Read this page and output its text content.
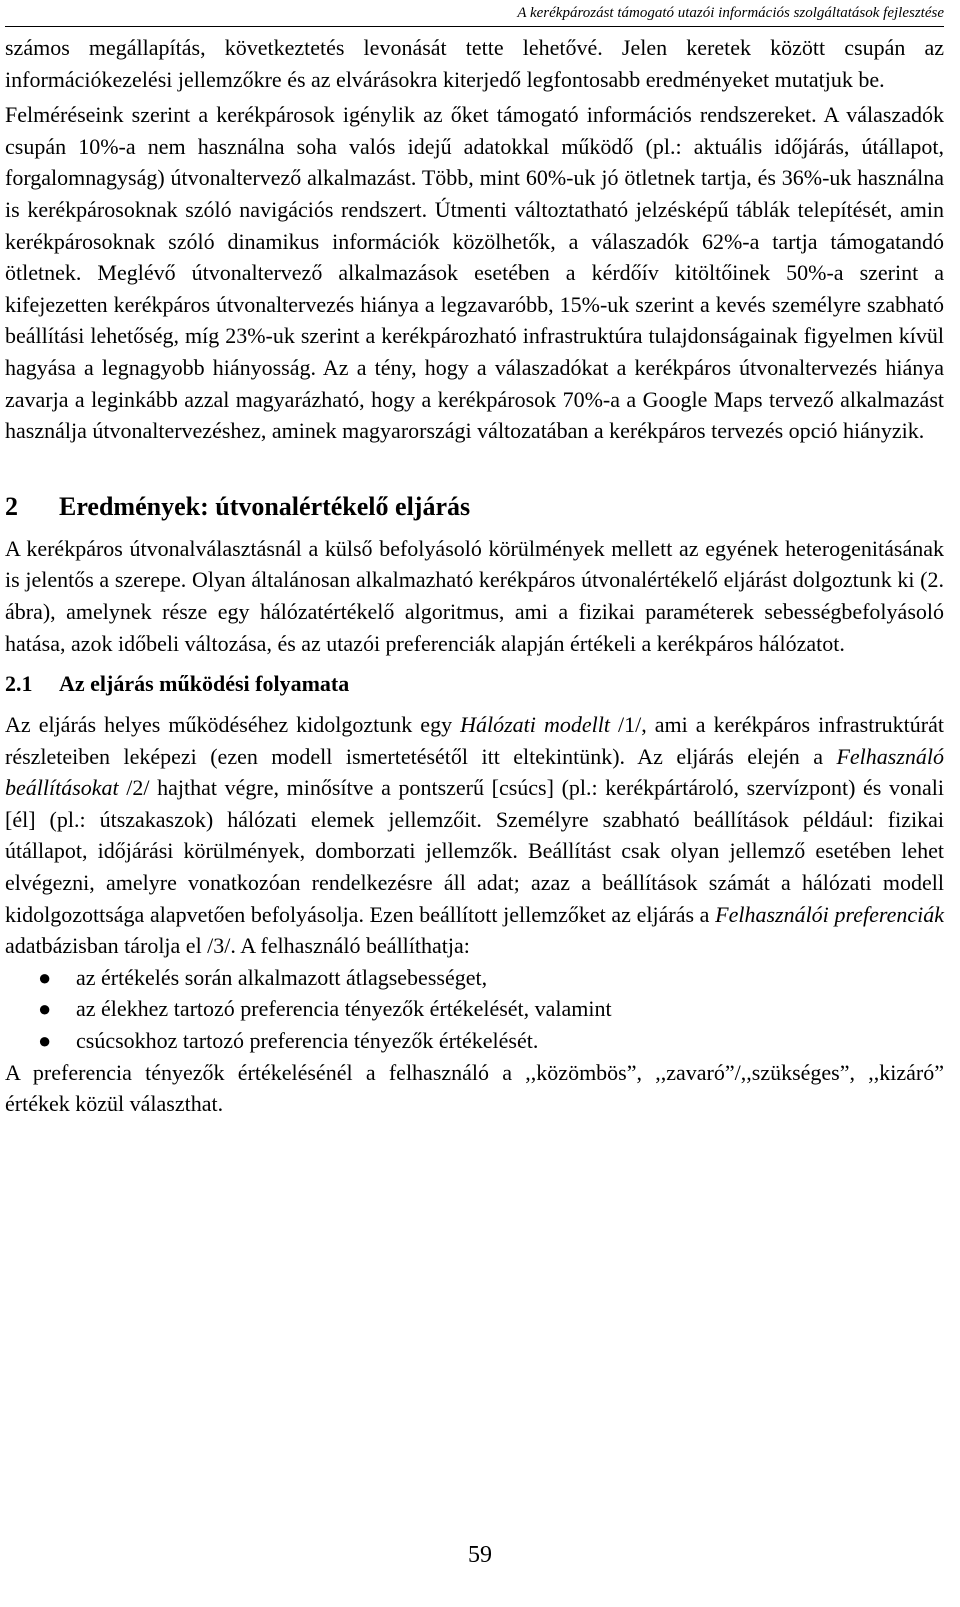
A kerékpározást támogató utazói információs szolgáltatások fejlesztése

számos megállapítás, következtetés levonását tette lehetővé. Jelen keretek között csupán az információkezelési jellemzőkre és az elvárásokra kiterjedő legfontosabb eredményeket mutatjuk be.

Felméréseink szerint a kerékpárosok igénylik az őket támogató információs rendszereket. A válaszadók csupán 10%-a nem használna soha valós idejű adatokkal működő (pl.: aktuális időjárás, útállapot, forgalomnagyság) útvonaltervező alkalmazást. Több, mint 60%-uk jó ötletnek tartja, és 36%-uk használna is kerékpárosoknak szóló navigációs rendszert. Útmenti változtatható jelzésképű táblák telepítését, amin kerékpárosoknak szóló dinamikus információk közölhetők, a válaszadók 62%-a tartja támogatandó ötletnek. Meglévő útvonaltervező alkalmazások esetében a kérdőív kitöltőinek 50%-a szerint a kifejezetten kerékpáros útvonaltervezés hiánya a legzavaróbb, 15%-uk szerint a kevés személyre szabható beállítási lehetőség, míg 23%-uk szerint a kerékpározható infrastruktúra tulajdonságainak figyelmen kívül hagyása a legnagyobb hiányosság. Az a tény, hogy a válaszadókat a kerékpáros útvonaltervezés hiánya zavarja a leginkább azzal magyarázható, hogy a kerékpárosok 70%-a a Google Maps tervező alkalmazást használja útvonaltervezéshez, aminek magyarországi változatában a kerékpáros tervezés opció hiányzik.

2 Eredmények: útvonalértékelő eljárás

A kerékpáros útvonalválasztásnál a külső befolyásoló körülmények mellett az egyének heterogenitásának is jelentős a szerepe. Olyan általánosan alkalmazható kerékpáros útvonalértékelő eljárást dolgoztunk ki (2. ábra), amelynek része egy hálózatértékelő algoritmus, ami a fizikai paraméterek sebességbefolyásoló hatása, azok időbeli változása, és az utazói preferenciák alapján értékeli a kerékpáros hálózatot.

2.1 Az eljárás működési folyamata

Az eljárás helyes működéséhez kidolgoztunk egy Hálózati modellt /1/, ami a kerékpáros infrastruktúrát részleteiben leképezi (ezen modell ismertetésétől itt eltekintünk). Az eljárás elején a Felhasználó beállításokat /2/ hajthat végre, minősítve a pontszerű [csúcs] (pl.: kerékpártároló, szervízpont) és vonali [él] (pl.: útszakaszok) hálózati elemek jellemzőit. Személyre szabható beállítások például: fizikai útállapot, időjárási körülmények, domborzati jellemzők. Beállítást csak olyan jellemző esetében lehet elvégezni, amelyre vonatkozóan rendelkezésre áll adat; azaz a beállítások számát a hálózati modell kidolgozottsága alapvetően befolyásolja. Ezen beállított jellemzőket az eljárás a Felhasználói preferenciák adatbázisban tárolja el /3/. A felhasználó beállíthatja:

● az értékelés során alkalmazott átlagsebességet,
● az élekhez tartozó preferencia tényezők értékelését, valamint
● csúcsokhoz tartozó preferencia tényezők értékelését.

A preferencia tényezők értékelésénél a felhasználó a ,,közömbös”, ,,zavaró”/,,szükséges”, ,,kizáró” értékek közül választhat.

59
